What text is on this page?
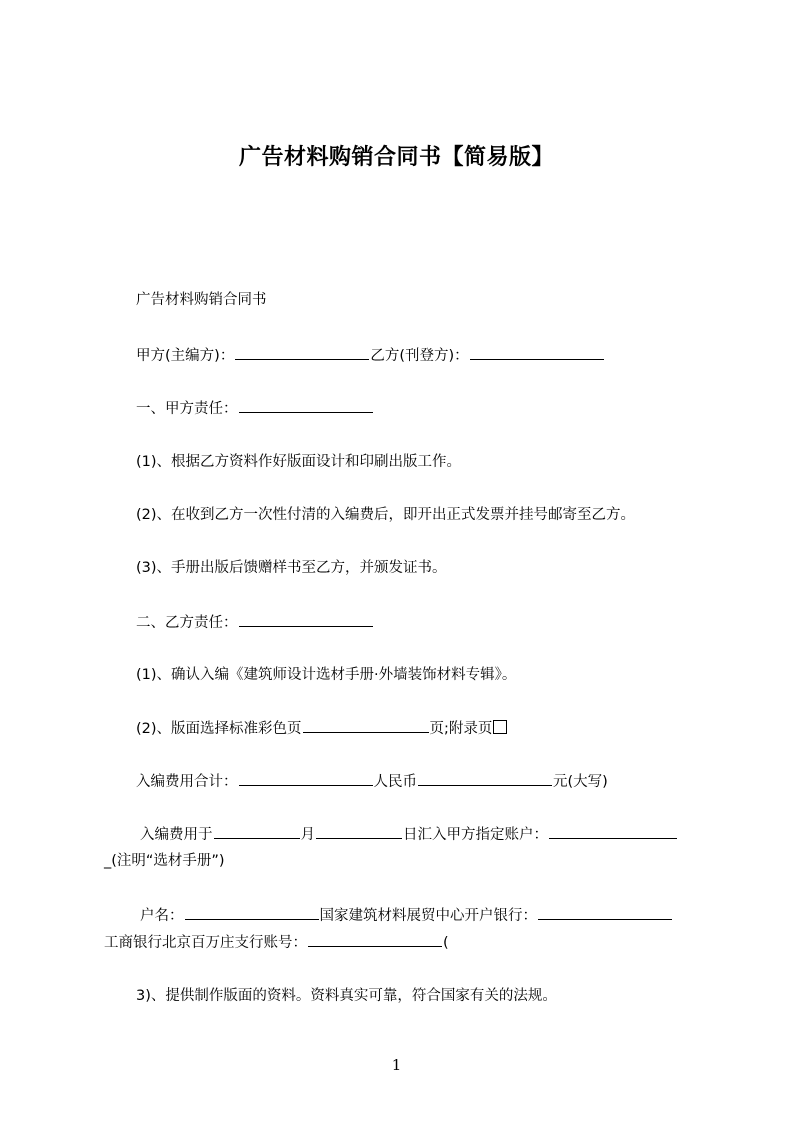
广告材料购销合同书【简易版】
广告材料购销合同书
甲方(主编方)：	乙方(刊登方)：
一、甲方责任：
(1)、根据乙方资料作好版面设计和印刷出版工作。
(2)、在收到乙方一次性付清的入编费后，即开出正式发票并挂号邮寄至乙方。
(3)、手册出版后馈赠样书至乙方，并颁发证书。
二、乙方责任：
(1)、确认入编《建筑师设计选材手册·外墙装饰材料专辑》。
(2)、版面选择标准彩色页	页;附录页
入编费用合计：	人民币	元(大写)
入编费用于	月	日汇入甲方指定账户：
_(注明“选材手册”)
户名：	国家建筑材料展贸中心开户银行：
工商银行北京百万庄支行账号：	(
3)、提供制作版面的资料。资料真实可靠，符合国家有关的法规。
1
